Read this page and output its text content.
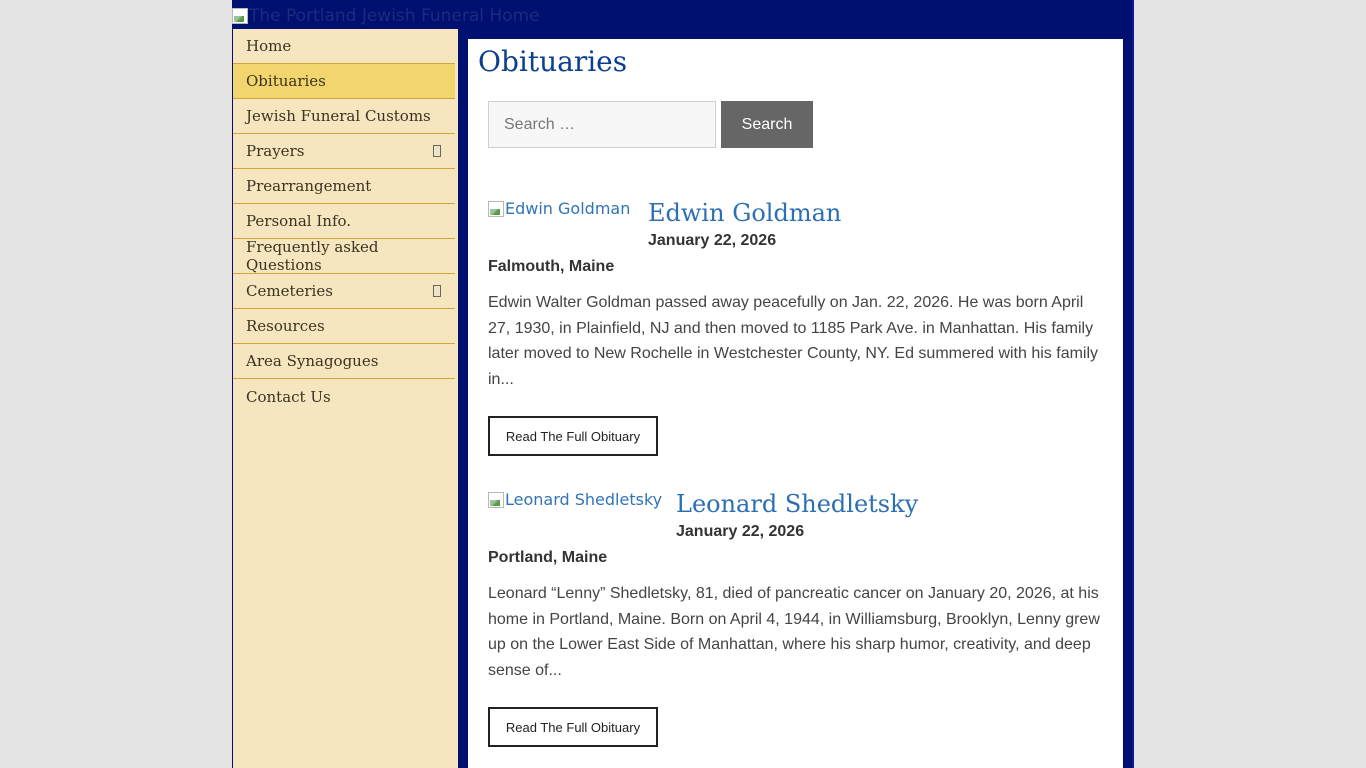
The Portland Jewish Funeral Home
Home
Obituaries
Jewish Funeral Customs
Prayers
Prearrangement
Personal Info.
Frequently asked Questions
Cemeteries
Resources
Area Synagogues
Contact Us
Obituaries
Search …
Search
Edwin Goldman Edwin Goldman
January 22, 2026
Falmouth, Maine

Edwin Walter Goldman passed away peacefully on Jan. 22, 2026. He was born April 27, 1930, in Plainfield, NJ and then moved to 1185 Park Ave. in Manhattan. His family later moved to New Rochelle in Westchester County, NY. Ed summered with his family in...

Read The Full Obituary
Leonard Shedletsky Leonard Shedletsky
January 22, 2026
Portland, Maine

Leonard “Lenny” Shedletsky, 81, died of pancreatic cancer on January 20, 2026, at his home in Portland, Maine. Born on April 4, 1944, in Williamsburg, Brooklyn, Lenny grew up on the Lower East Side of Manhattan, where his sharp humor, creativity, and deep sense of...

Read The Full Obituary
